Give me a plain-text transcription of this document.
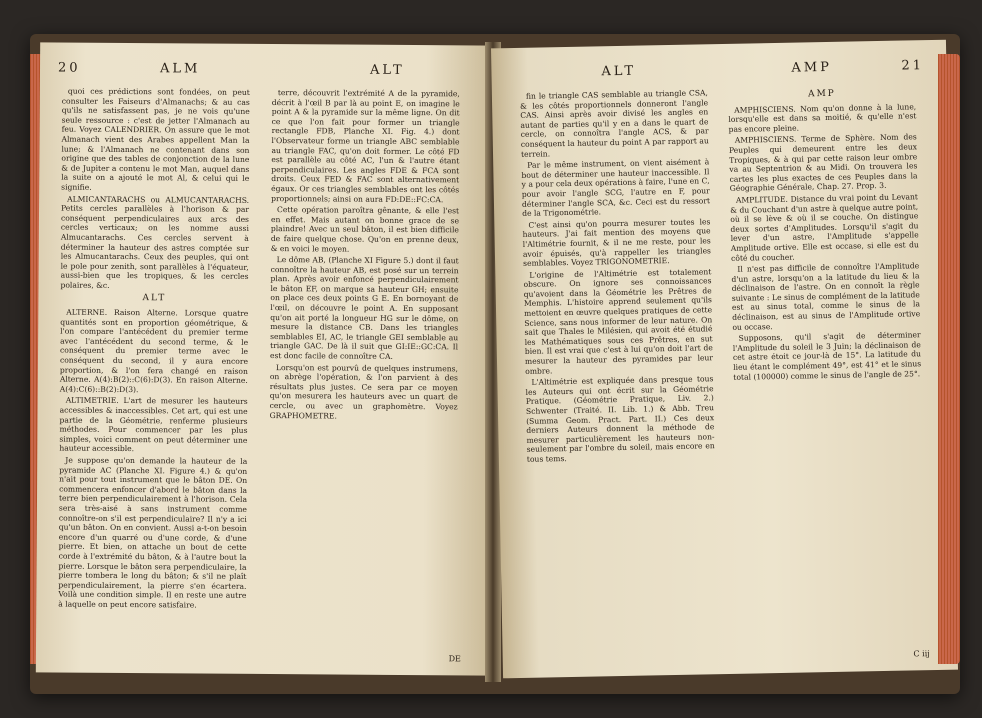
20	ALM	ALT

quoi ces prédictions sont fondées, on peut consulter les Faiseurs d'Almanachs; & au cas qu'ils ne satisfassent pas, je ne vois qu'une seule ressource : c'est de jetter l'Almanach au feu. Voyez CALENDRIER. On assure que le mot Almanach vient des Arabes appellent Man la lune; & l'Almanach ne contenant dans son origine que des tables de conjonction de la lune & de Jupiter a contenu le mot Man, auquel dans la suite on a ajouté le mot Al, & celui qui le signifie.

ALMICANTARACHS ou ALMUCANTARACHS. Petits cercles parallèles à l'horison & par conséquent perpendiculaires aux arcs des cercles verticaux; on les nomme aussi Almucantarachs. Ces cercles servent à déterminer la hauteur des astres comptée sur les Almucantarachs. Ceux des peuples, qui ont le pole pour zenith, sont parallèles à l'équateur, aussi-bien que les tropiques, & les cercles polaires, &c.

ALT

ALTERNE. Raison Alterne. Lorsque quatre quantités sont en proportion géométrique, & l'on compare l'antécédent du premier terme avec l'antécédent du second terme, & le conséquent du premier terme avec le conséquent du second, il y aura encore proportion, & l'on fera changé en raison Alterne. A(4):B(2)::C(6):D(3). En raison Alterne. A(4):C(6)::B(2):D(3).

ALTIMETRIE. L'art de mesurer les hauteurs accessibles & inaccessibles. Cet art, qui est une partie de la Géométrie, renferme plusieurs méthodes. Pour commencer par les plus simples, voici comment on peut déterminer une hauteur accessible.

Je suppose qu'on demande la hauteur de la pyramide AC (Planche XI. Figure 4.) & qu'on n'ait pour tout instrument que le bâton DE. On commencera enfoncer d'abord le bâton dans la terre bien perpendiculairement à l'horison. Cela sera très-aisé à sans instrument comme connoître-on s'il est perpendiculaire? Il n'y a ici qu'un bâton. On en convient. Aussi a-t-on besoin encore d'un quarré ou d'une corde, & d'une pierre. Et bien, on attache un bout de cette corde à l'extrémité du bâton, & à l'autre bout la pierre. Lorsque le bâton sera perpendiculaire, la pierre tombera le long du bâton; & s'il ne plaît perpendiculairement, la pierre s'en écartera. Voilà une condition simple. Il en reste une autre à laquelle on peut encore satisfaire.

terre, découvrit l'extrémité A de la pyramide, décrit à l'œil B par là au point E, on imagine le point A & la pyramide sur la même ligne. On dit ce que l'on fait pour former un triangle rectangle FDB, Planche XI. Fig. 4.) dont l'Observateur forme un triangle ABC semblable au triangle FAC, qu'on doit former. Le côté FD est parallèle au côté AC, l'un & l'autre étant perpendiculaires. Les angles FDE & FCA sont droits. Ceux FED & FAC sont alternativement égaux. Or ces triangles semblables ont les côtés proportionnels; ainsi on aura FD:DE::FC:CA.

Cette opération paroîtra gênante, & elle l'est en effet. Mais autant on bonne grace de se plaindre! Avec un seul bâton, il est bien difficile de faire quelque chose. Qu'on en prenne deux, & en voici le moyen.

Le dôme AB, (Planche XI Figure 5.) dont il faut connoître la hauteur AB, est posé sur un terrein plan. Après avoir enfoncé perpendiculairement le bâton EF, on marque sa hauteur GH; ensuite on place ces deux points G E. En bornoyant de l'œil, on découvre le point A. En supposant qu'on ait porté la longueur HG sur le dôme, on mesure la distance CB. Dans les triangles semblables EI, AC, le triangle GEI semblable au triangle GAC. De là il suit que GI:IE::GC:CA. Il est donc facile de connoître CA.

Lorsqu'on est pourvû de quelques instrumens, on abrège l'opération, & l'on parvient à des résultats plus justes. Ce sera par ce moyen qu'on mesurera les hauteurs avec un quart de cercle, ou avec un graphomètre. Voyez GRAPHOMETRE.

DE
ALT	AMP	21

fin le triangle CAS semblable au triangle CSA, & les côtés proportionnels donneront l'angle CAS. Ainsi après avoir divisé les angles en autant de parties qu'il y en a dans le quart de cercle, on connoîtra l'angle ACS, & par conséquent la hauteur du point A par rapport au terrein.

Par le même instrument, on vient aisément à bout de déterminer une hauteur inaccessible. Il y a pour cela deux opérations à faire, l'une en C, pour avoir l'angle SCG, l'autre en F, pour déterminer l'angle SCA, &c. Ceci est du ressort de la Trigonométrie.

C'est ainsi qu'on pourra mesurer toutes les hauteurs. J'ai fait mention des moyens que l'Altimétrie fournit, & il ne me reste, pour les avoir épuisés, qu'à rappeller les triangles semblables. Voyez TRIGONOMETRIE.

L'origine de l'Altimétrie est totalement obscure. On ignore ses connoissances qu'avoient dans la Géométrie les Prêtres de Memphis. L'histoire apprend seulement qu'ils mettoient en œuvre quelques pratiques de cette Science, sans nous informer de leur nature. On sait que Thales le Milésien, qui avoit été étudié les Mathématiques sous ces Prêtres, en sut bien. Il est vrai que c'est à lui qu'on doit l'art de mesurer la hauteur des pyramides par leur ombre.

L'Altimétrie est expliquée dans presque tous les Auteurs qui ont écrit sur la Géométrie Pratique. (Géométrie Pratique, Liv. 2.) Schwenter (Traité. II. Lib. 1.) & Abb. Treu (Summa Geom. Pract. Part. II.) Ces deux derniers Auteurs donnent la méthode de mesurer particulièrement les hauteurs non-seulement par l'ombre du soleil, mais encore en tous tems.

AMP

AMPHISCIENS. Nom qu'on donne à la lune, lorsqu'elle est dans sa moitié, & qu'elle n'est pas encore pleine.

AMPHISCIENS. Terme de Sphère. Nom des Peuples qui demeurent entre les deux Tropiques, & à qui par cette raison leur ombre va au Septentrion & au Midi. On trouvera les cartes les plus exactes de ces Peuples dans la Géographie Générale, Chap. 27. Prop. 3.

AMPLITUDE. Distance du vrai point du Levant & du Couchant d'un astre à quelque autre point, où il se lève & où il se couche. On distingue deux sortes d'Amplitudes. Lorsqu'il s'agit du lever d'un astre, l'Amplitude s'appelle Amplitude ortive. Elle est occase, si elle est du côté du coucher.

Il n'est pas difficile de connoître l'Amplitude d'un astre, lorsqu'on a la latitude du lieu & la déclinaison de l'astre. On en connoît la règle suivante : Le sinus de complément de la latitude est au sinus total, comme le sinus de la déclinaison, est au sinus de l'Amplitude ortive ou occase.

Supposons, qu'il s'agit de déterminer l'Amplitude du soleil le 3 Juin; la déclinaison de cet astre étoit ce jour-là de 15°. La latitude du lieu étant le complément 49°, est 41° et le sinus total (100000) comme le sinus de l'angle de 25°.

C iij
